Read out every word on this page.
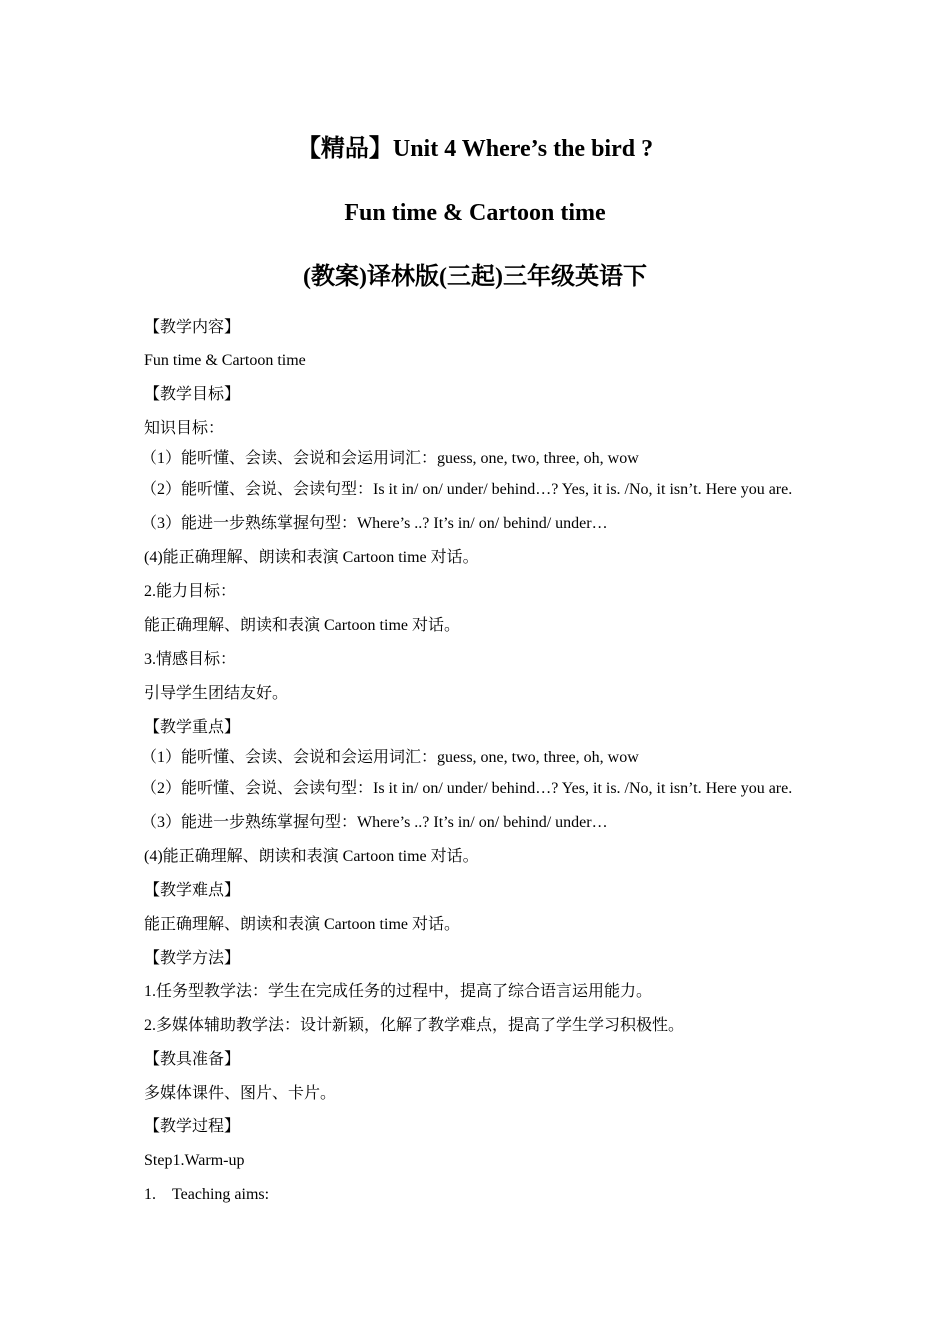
【精品】Unit 4 Where’s the bird ?
Fun time & Cartoon time
(教案)译林版(三起)三年级英语下
【教学内容】
Fun time & Cartoon time
【教学目标】
知识目标：
（1）能听懂、会读、会说和会运用词汇：guess, one, two, three, oh, wow
（2）能听懂、会说、会读句型：Is it in/ on/ under/ behind…? Yes, it is. /No, it isn’t. Here you are.
（3）能进一步熟练掌握句型：Where’s ..? It’s in/ on/ behind/ under…
(4)能正确理解、朗读和表演 Cartoon time 对话。
2.能力目标：
能正确理解、朗读和表演 Cartoon time 对话。
3.情感目标：
引导学生团结友好。
【教学重点】
（1）能听懂、会读、会说和会运用词汇：guess, one, two, three, oh, wow
（2）能听懂、会说、会读句型：Is it in/ on/ under/ behind…? Yes, it is. /No, it isn’t. Here you are.
（3）能进一步熟练掌握句型：Where’s ..? It’s in/ on/ behind/ under…
(4)能正确理解、朗读和表演 Cartoon time 对话。
【教学难点】
能正确理解、朗读和表演 Cartoon time 对话。
【教学方法】
1.任务型教学法：学生在完成任务的过程中，提高了综合语言运用能力。
2.多媒体辅助教学法：设计新颖，化解了教学难点，提高了学生学习积极性。
【教具准备】
多媒体课件、图片、卡片。
【教学过程】
Step1.Warm-up
1. Teaching aims:
